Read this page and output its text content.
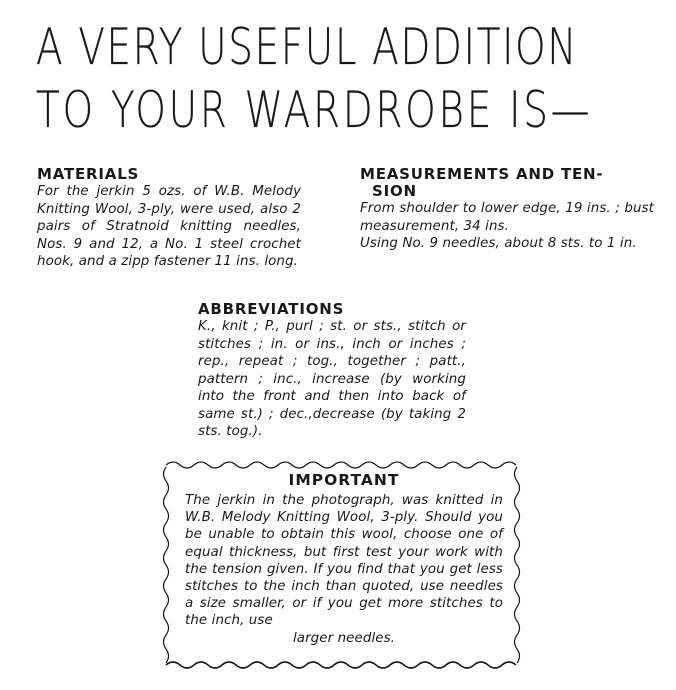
A VERY USEFUL ADDITION
TO YOUR WARDROBE IS—
MATERIALS
For the jerkin 5 ozs. of W.B. Melody Knitting Wool, 3-ply, were used, also 2 pairs of Stratnoid knitting needles, Nos. 9 and 12, a No. 1 steel crochet hook, and a zipp fastener 11 ins. long.
MEASUREMENTS AND TEN-
SION
From shoulder to lower edge, 19 ins. ; bust measurement, 34 ins.
Using No. 9 needles, about 8 sts. to 1 in.
ABBREVIATIONS
K., knit ; P., purl ; st. or sts., stitch or stitches ; in. or ins., inch or inches ; rep., repeat ; tog., together ; patt., pattern ; inc., increase (by working into the front and then into back of same st.) ; dec.,decrease (by taking 2 sts. tog.).
IMPORTANT
The jerkin in the photograph, was knitted in W.B. Melody Knitting Wool, 3-ply. Should you be unable to obtain this wool, choose one of equal thickness, but first test your work with the tension given. If you find that you get less stitches to the inch than quoted, use needles a size smaller, or if you get more stitches to the inch, use
larger needles.
